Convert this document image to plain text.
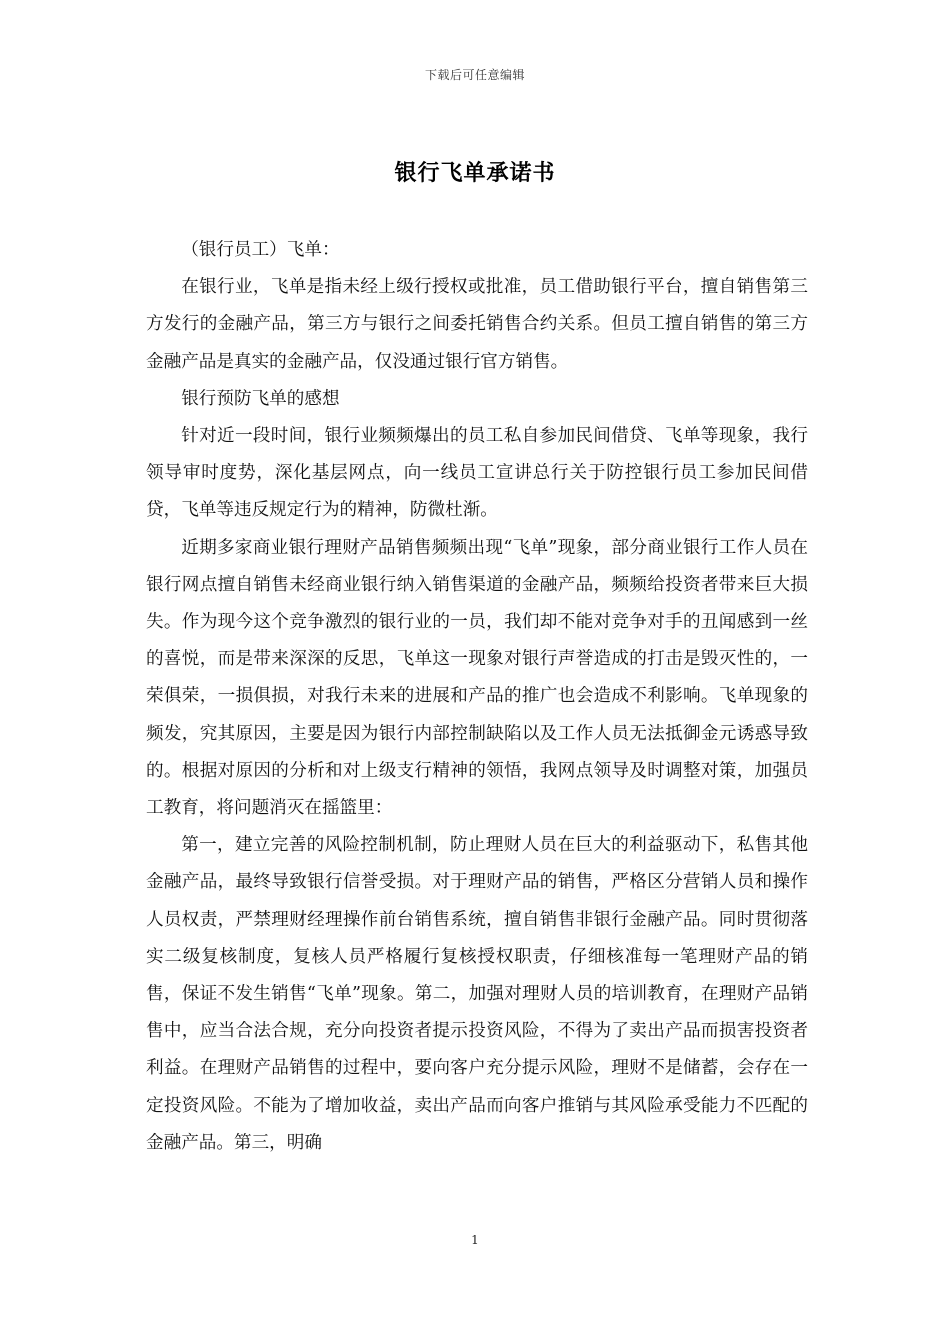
下载后可任意编辑
银行飞单承诺书

（银行员工）飞单：

在银行业，飞单是指未经上级行授权或批准，员工借助银行平台，擅自销售第三方发行的金融产品，第三方与银行之间委托销售合约关系。但员工擅自销售的第三方金融产品是真实的金融产品，仅没通过银行官方销售。

银行预防飞单的感想

针对近一段时间，银行业频频爆出的员工私自参加民间借贷、飞单等现象，我行领导审时度势，深化基层网点，向一线员工宣讲总行关于防控银行员工参加民间借贷，飞单等违反规定行为的精神，防微杜渐。

近期多家商业银行理财产品销售频频出现“飞单”现象，部分商业银行工作人员在银行网点擅自销售未经商业银行纳入销售渠道的金融产品，频频给投资者带来巨大损失。作为现今这个竞争激烈的银行业的一员，我们却不能对竞争对手的丑闻感到一丝的喜悦，而是带来深深的反思，飞单这一现象对银行声誉造成的打击是毁灭性的，一荣俱荣，一损俱损，对我行未来的进展和产品的推广也会造成不利影响。飞单现象的频发，究其原因，主要是因为银行内部控制缺陷以及工作人员无法抵御金元诱惑导致的。根据对原因的分析和对上级支行精神的领悟，我网点领导及时调整对策，加强员工教育，将问题消灭在摇篮里：

第一，建立完善的风险控制机制，防止理财人员在巨大的利益驱动下，私售其他金融产品，最终导致银行信誉受损。对于理财产品的销售，严格区分营销人员和操作人员权责，严禁理财经理操作前台销售系统，擅自销售非银行金融产品。同时贯彻落实二级复核制度，复核人员严格履行复核授权职责，仔细核准每一笔理财产品的销售，保证不发生销售“飞单”现象。第二，加强对理财人员的培训教育，在理财产品销售中，应当合法合规，充分向投资者提示投资风险，不得为了卖出产品而损害投资者利益。在理财产品销售的过程中，要向客户充分提示风险，理财不是储蓄，会存在一定投资风险。不能为了增加收益，卖出产品而向客户推销与其风险承受能力不匹配的金融产品。第三，明确

1
